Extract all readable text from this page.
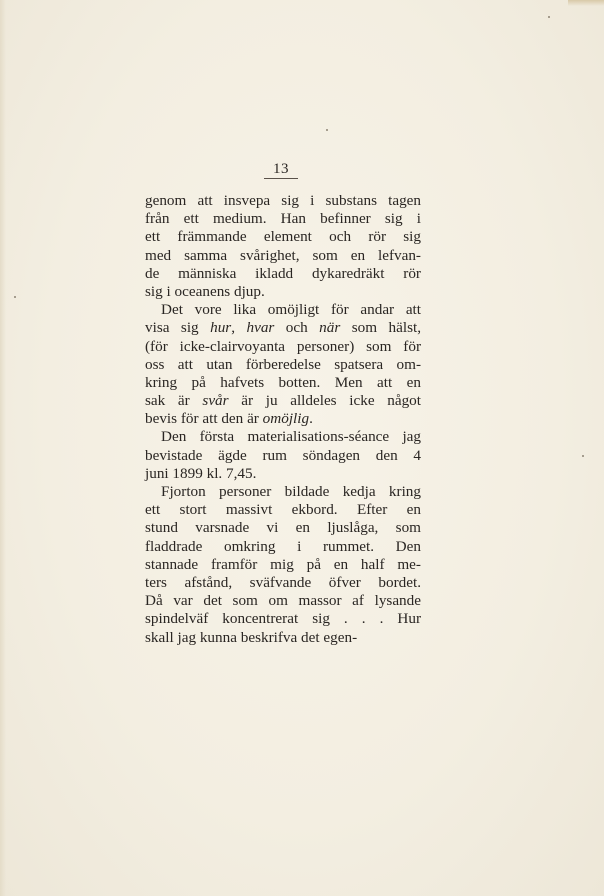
13
genom att insvepa sig i substans tagen
från ett medium. Han befinner sig i
ett främmande element och rör sig
med samma svårighet, som en lefvan-
de människa ikladd dykaredräkt rör
sig i oceanens djup.
Det vore lika omöjligt för andar att
visa sig hur, hvar och när som hälst,
(för icke-clairvoyanta personer) som för
oss att utan förberedelse spatsera om-
kring på hafvets botten. Men att en
sak är svår är ju alldeles icke något
bevis för att den är omöjlig.
Den första materialisations-séance jag
bevistade ägde rum söndagen den 4
juni 1899 kl. 7,45.
Fjorton personer bildade kedja kring
ett stort massivt ekbord. Efter en
stund varsnade vi en ljuslåga, som
fladdrade omkring i rummet. Den
stannade framför mig på en half me-
ters afstånd, sväfvande öfver bordet.
Då var det som om massor af lysande
spindelväf koncentrerat sig . . . Hur
skall jag kunna beskrifva det egen-
